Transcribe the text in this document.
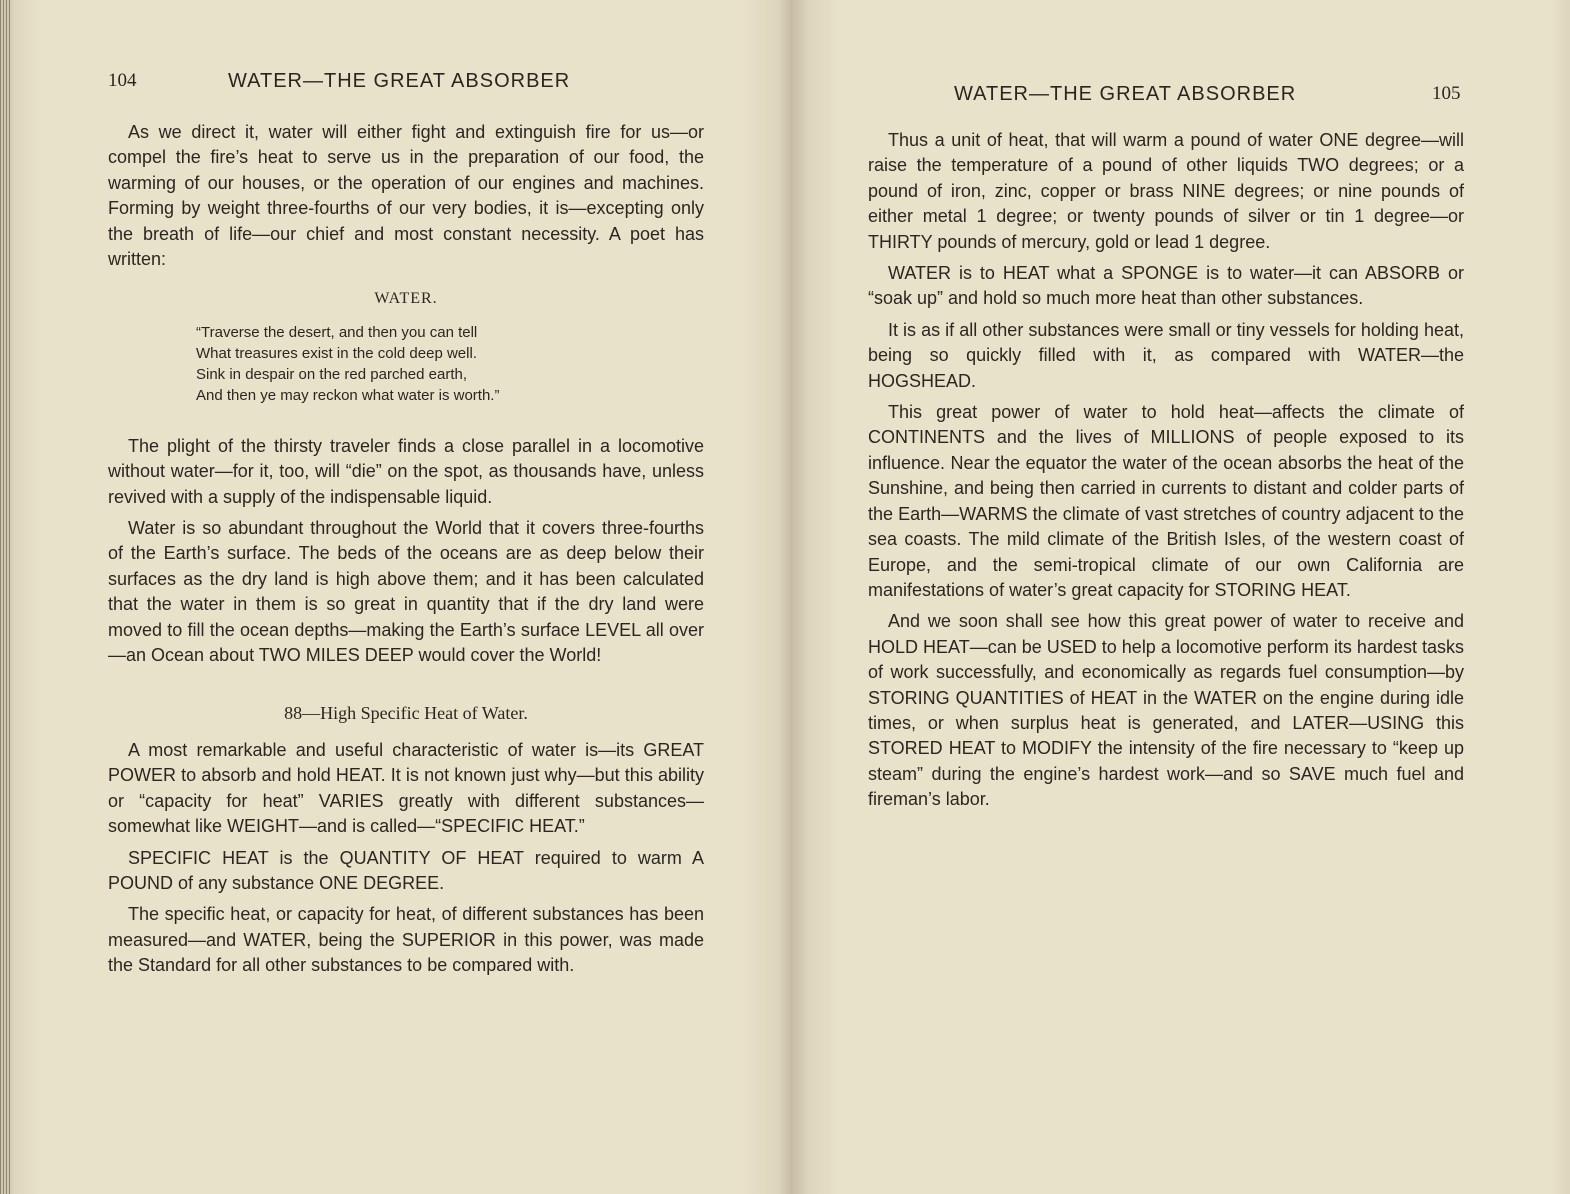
104	WATER—THE GREAT ABSORBER

As we direct it, water will either fight and extinguish fire for us—or compel the fire’s heat to serve us in the preparation of our food, the warming of our houses, or the operation of our engines and machines. Forming by weight three-fourths of our very bodies, it is—excepting only the breath of life—our chief and most constant necessity. A poet has written:

WATER.
“Traverse the desert, and then you can tell
What treasures exist in the cold deep well.
Sink in despair on the red parched earth,
And then ye may reckon what water is worth.”

The plight of the thirsty traveler finds a close parallel in a locomotive without water—for it, too, will “die” on the spot, as thousands have, unless revived with a supply of the indispensable liquid.

Water is so abundant throughout the World that it covers three-fourths of the Earth’s surface. The beds of the oceans are as deep below their surfaces as the dry land is high above them; and it has been calculated that the water in them is so great in quantity that if the dry land were moved to fill the ocean depths—making the Earth’s surface LEVEL all over—an Ocean about TWO MILES DEEP would cover the World!

88—High Specific Heat of Water.

A most remarkable and useful characteristic of water is—its GREAT POWER to absorb and hold HEAT. It is not known just why—but this ability or “capacity for heat” VARIES greatly with different substances—somewhat like WEIGHT—and is called—“SPECIFIC HEAT.”

SPECIFIC HEAT is the QUANTITY OF HEAT required to warm A POUND of any substance ONE DEGREE.

The specific heat, or capacity for heat, of different substances has been measured—and WATER, being the SUPERIOR in this power, was made the Standard for all other substances to be compared with.

WATER—THE GREAT ABSORBER	105

Thus a unit of heat, that will warm a pound of water ONE degree—will raise the temperature of a pound of other liquids TWO degrees; or a pound of iron, zinc, copper or brass NINE degrees; or nine pounds of either metal 1 degree; or twenty pounds of silver or tin 1 degree—or THIRTY pounds of mercury, gold or lead 1 degree.

WATER is to HEAT what a SPONGE is to water—it can ABSORB or “soak up” and hold so much more heat than other substances.

It is as if all other substances were small or tiny vessels for holding heat, being so quickly filled with it, as compared with WATER—the HOGSHEAD.

This great power of water to hold heat—affects the climate of CONTINENTS and the lives of MILLIONS of people exposed to its influence. Near the equator the water of the ocean absorbs the heat of the Sunshine, and being then carried in currents to distant and colder parts of the Earth—WARMS the climate of vast stretches of country adjacent to the sea coasts. The mild climate of the British Isles, of the western coast of Europe, and the semi-tropical climate of our own California are manifestations of water’s great capacity for STORING HEAT.

And we soon shall see how this great power of water to receive and HOLD HEAT—can be USED to help a locomotive perform its hardest tasks of work successfully, and economically as regards fuel consumption—by STORING QUANTITIES of HEAT in the WATER on the engine during idle times, or when surplus heat is generated, and LATER—USING this STORED HEAT to MODIFY the intensity of the fire necessary to “keep up steam” during the engine’s hardest work—and so SAVE much fuel and fireman’s labor.
